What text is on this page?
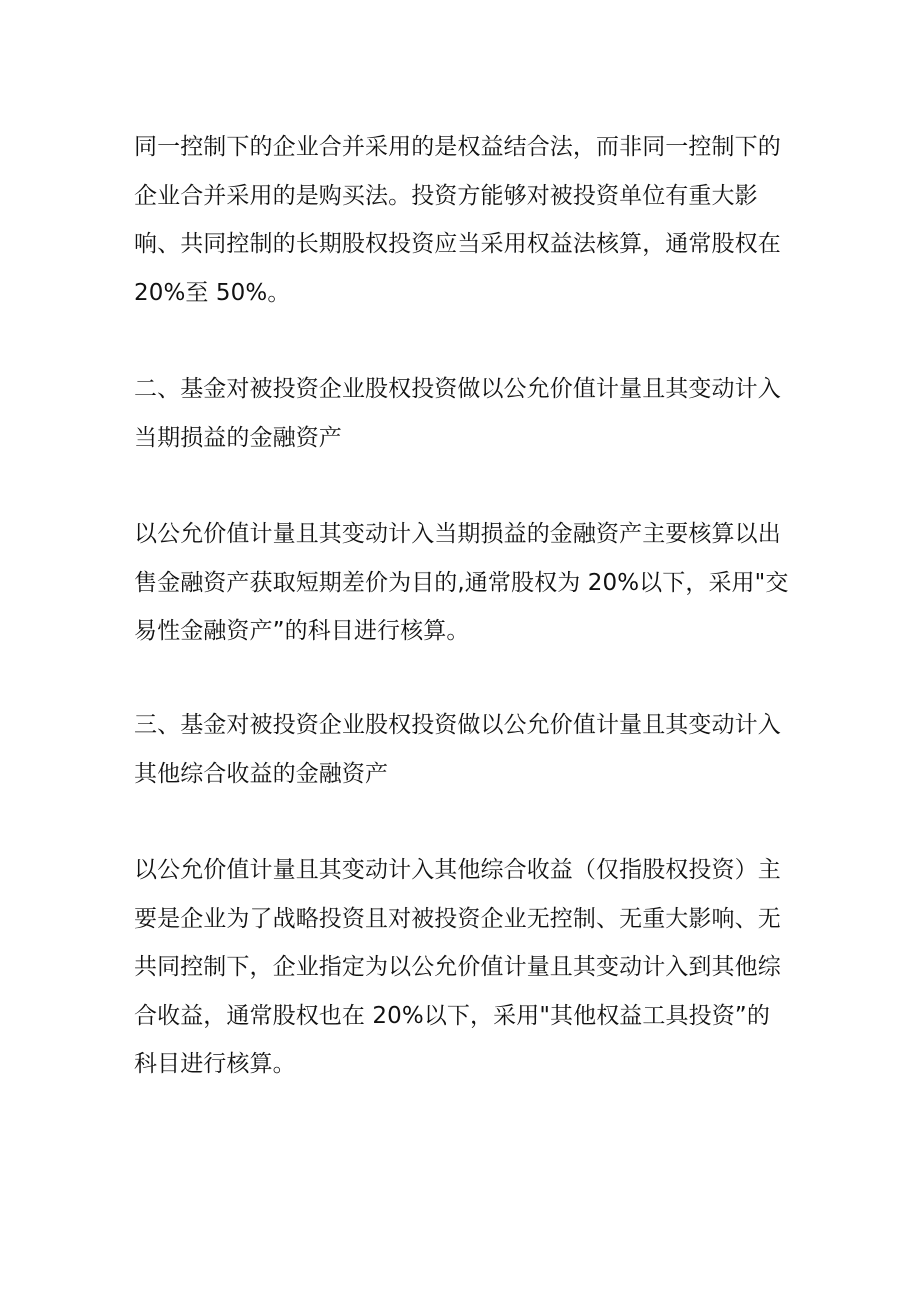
同一控制下的企业合并采用的是权益结合法，而非同一控制下的
企业合并采用的是购买法。投资方能够对被投资单位有重大影
响、共同控制的长期股权投资应当采用权益法核算，通常股权在
20%至 50%。

二、基金对被投资企业股权投资做以公允价值计量且其变动计入
当期损益的金融资产

以公允价值计量且其变动计入当期损益的金融资产主要核算以出
售金融资产获取短期差价为目的,通常股权为 20%以下，采用"交
易性金融资产”的科目进行核算。

三、基金对被投资企业股权投资做以公允价值计量且其变动计入
其他综合收益的金融资产

以公允价值计量且其变动计入其他综合收益（仅指股权投资）主
要是企业为了战略投资且对被投资企业无控制、无重大影响、无
共同控制下，企业指定为以公允价值计量且其变动计入到其他综
合收益，通常股权也在 20%以下，采用"其他权益工具投资”的
科目进行核算。
